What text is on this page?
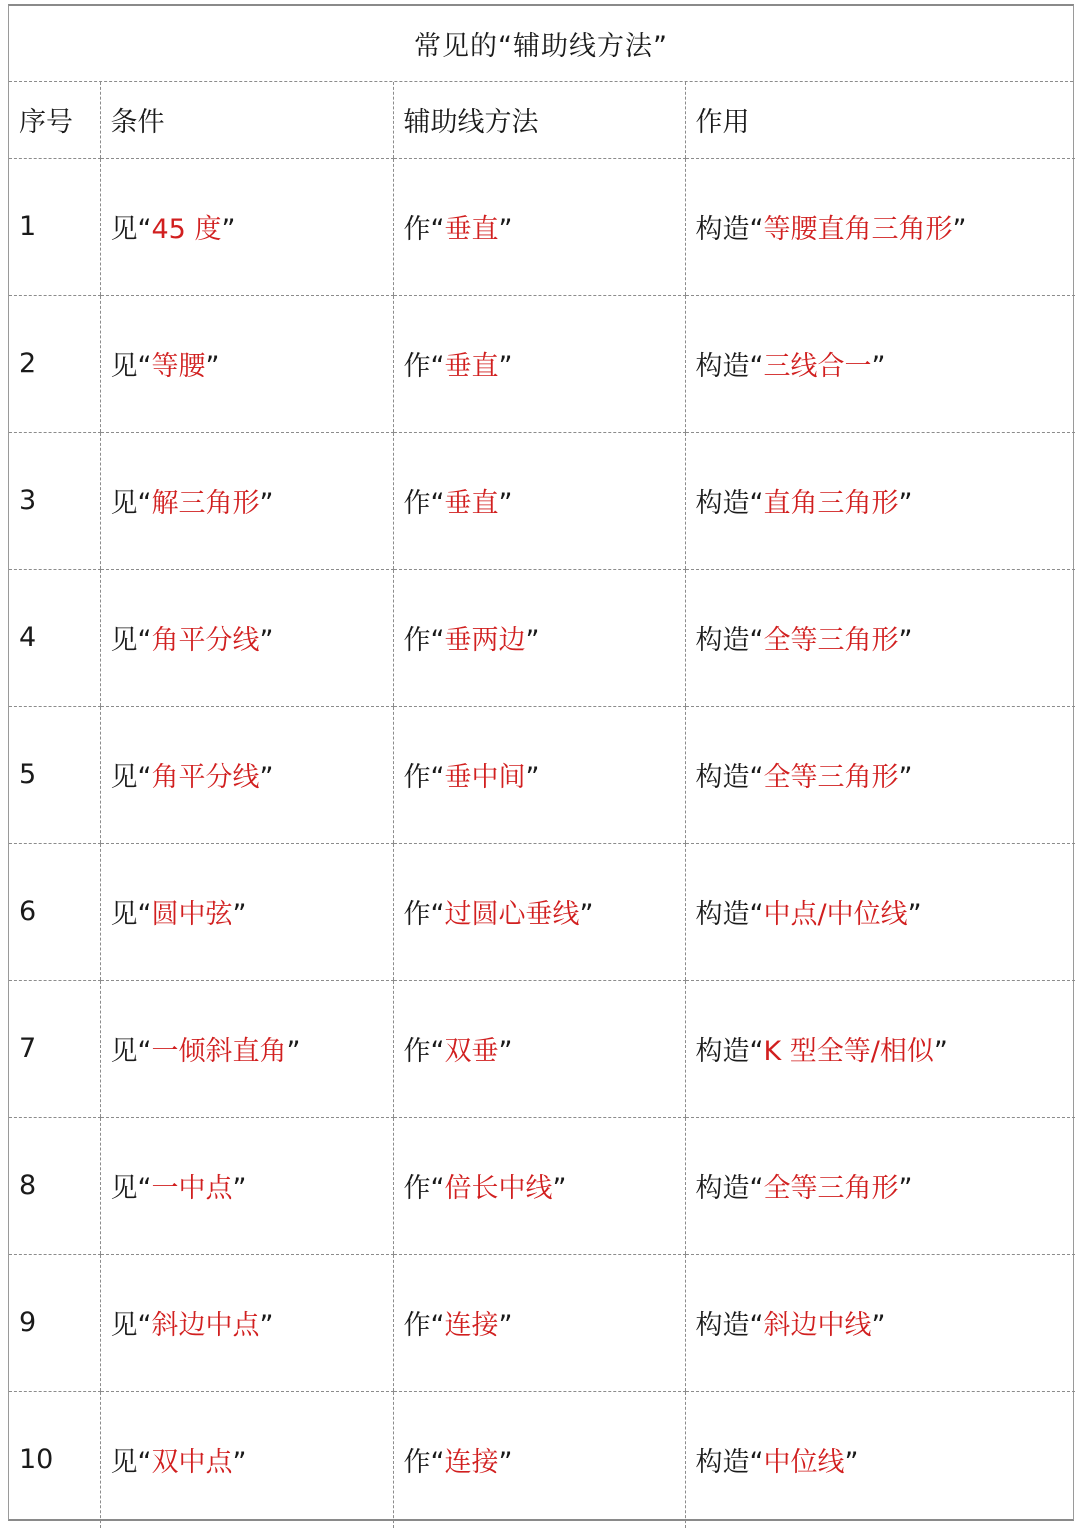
常见的“辅助线方法”
序号	条件	辅助线方法	作用
1	见“45 度”	作“垂直”	构造“等腰直角三角形”
2	见“等腰”	作“垂直”	构造“三线合一”
3	见“解三角形”	作“垂直”	构造“直角三角形”
4	见“角平分线”	作“垂两边”	构造“全等三角形”
5	见“角平分线”	作“垂中间”	构造“全等三角形”
6	见“圆中弦”	作“过圆心垂线”	构造“中点/中位线”
7	见“一倾斜直角”	作“双垂”	构造“K 型全等/相似”
8	见“一中点”	作“倍长中线”	构造“全等三角形”
9	见“斜边中点”	作“连接”	构造“斜边中线”
10	见“双中点”	作“连接”	构造“中位线”
